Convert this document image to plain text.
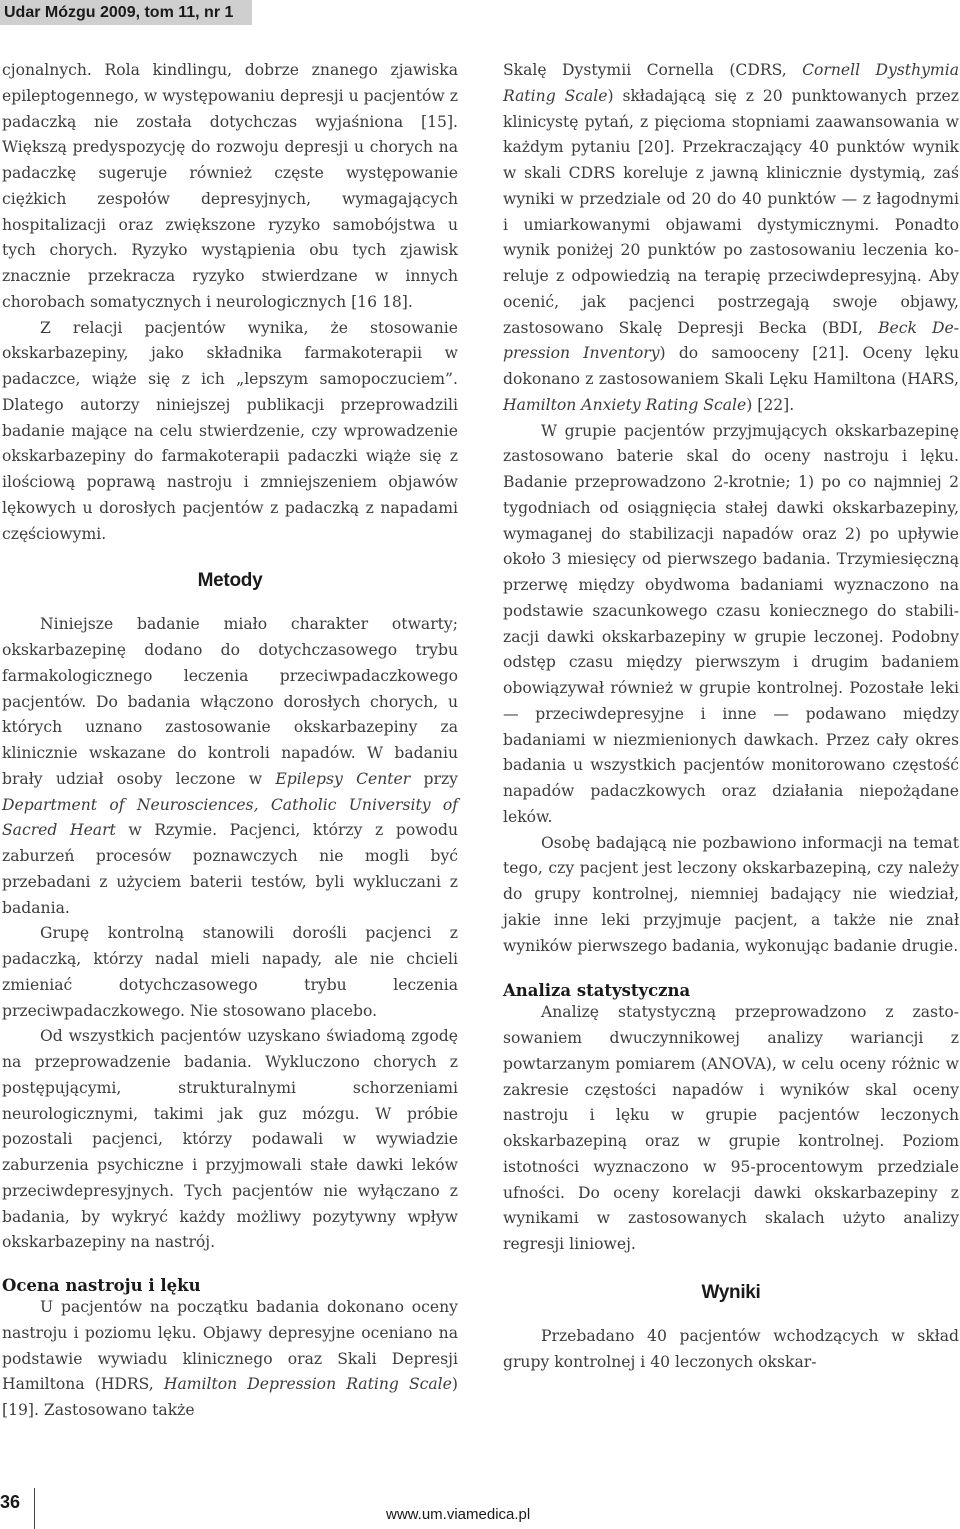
Udar Mózgu 2009, tom 11, nr 1

cjonalnych. Rola kindlingu, dobrze znanego zjawiska epileptogennego, w występowaniu depresji u pacjentów z padaczką nie została dotychczas wyjaśniona [15]. Większą predyspozycję do rozwoju depresji u chorych na padaczkę sugeruje również częste występowanie ciężkich zespołów depresyjnych, wymagających hospitalizacji oraz zwiększone ryzyko samobójstwa u tych chorych. Ryzyko wystąpienia obu tych zjawisk znacznie przekracza ryzyko stwierdzane w innych chorobach somatycznych i neurologicznych [16 18].

Z relacji pacjentów wynika, że stosowanie okskarbazepiny, jako składnika farmakoterapii w padaczce, wiąże się z ich „lepszym samopoczuciem”. Dlatego autorzy niniejszej publikacji przeprowadzili badanie mające na celu stwierdzenie, czy wprowadzenie okskarbazepiny do farmakoterapii padaczki wiąże się z ilościową poprawą nastroju i zmniejszeniem objawów lękowych u dorosłych pacjentów z padaczką z napadami częściowymi.

Metody

Niniejsze badanie miało charakter otwarty; okskarbazepinę dodano do dotychczasowego trybu farmakologicznego leczenia przeciwpadaczkowego pacjentów. Do badania włączono dorosłych chorych, u których uznano zastosowanie okskarbazepiny za klinicznie wskazane do kontroli napadów. W badaniu brały udział osoby leczone w Epilepsy Center przy Department of Neurosciences, Catholic University of Sacred Heart w Rzymie. Pacjenci, którzy z powodu zaburzeń procesów poznawczych nie mogli być przebadani z użyciem baterii testów, byli wykluczani z badania.

Grupę kontrolną stanowili dorośli pacjenci z padaczką, którzy nadal mieli napady, ale nie chcieli zmieniać dotychczasowego trybu leczenia przeciwpadaczkowego. Nie stosowano placebo.

Od wszystkich pacjentów uzyskano świadomą zgodę na przeprowadzenie badania. Wykluczono chorych z postępującymi, strukturalnymi schorzeniami neurologicznymi, takimi jak guz mózgu. W próbie pozostali pacjenci, którzy podawali w wywiadzie zaburzenia psychiczne i przyjmowali stałe dawki leków przeciwdepresyjnych. Tych pacjentów nie wyłączano z badania, by wykryć każdy możliwy pozytywny wpływ okskarbazepiny na nastrój.

Ocena nastroju i lęku

U pacjentów na początku badania dokonano oceny nastroju i poziomu lęku. Objawy depresyjne oceniano na podstawie wywiadu klinicznego oraz Skali Depresji Hamiltona (HDRS, Hamilton Depression Rating Scale) [19]. Zastosowano także

Skalę Dystymii Cornella (CDRS, Cornell Dysthymia Rating Scale) składającą się z 20 punktowanych przez klinicystę pytań, z pięcioma stopniami zaawansowania w każdym pytaniu [20]. Przekraczający 40 punktów wynik w skali CDRS koreluje z jawną klinicznie dystymią, zaś wyniki w przedziale od 20 do 40 punktów — z łagodnymi i umiarkowanymi objawami dystymicznymi. Ponadto wynik poniżej 20 punktów po zastosowaniu leczenia koreluje z odpowiedzią na terapię przeciwdepresyjną. Aby ocenić, jak pacjenci postrzegają swoje objawy, zastosowano Skalę Depresji Becka (BDI, Beck Depression Inventory) do samooceny [21]. Oceny lęku dokonano z zastosowaniem Skali Lęku Hamiltona (HARS, Hamilton Anxiety Rating Scale) [22].

W grupie pacjentów przyjmujących okskarbazepinę zastosowano baterie skal do oceny nastroju i lęku. Badanie przeprowadzono 2-krotnie; 1) po co najmniej 2 tygodniach od osiągnięcia stałej dawki okskarbazepiny, wymaganej do stabilizacji napadów oraz 2) po upływie około 3 miesięcy od pierwszego badania. Trzymiesięczną przerwę między obydwoma badaniami wyznaczono na podstawie szacunkowego czasu koniecznego do stabilizacji dawki okskarbazepiny w grupie leczonej. Podobny odstęp czasu między pierwszym i drugim badaniem obowiązywał również w grupie kontrolnej. Pozostałe leki — przeciwdepresyjne i inne — podawano między badaniami w niezmienionych dawkach. Przez cały okres badania u wszystkich pacjentów monitorowano częstość napadów padaczkowych oraz działania niepożądane leków.

Osobę badającą nie pozbawiono informacji na temat tego, czy pacjent jest leczony okskarbazepiną, czy należy do grupy kontrolnej, niemniej badający nie wiedział, jakie inne leki przyjmuje pacjent, a także nie znał wyników pierwszego badania, wykonując badanie drugie.

Analiza statystyczna

Analizę statystyczną przeprowadzono z zastosowaniem dwuczynnikowej analizy wariancji z powtarzanym pomiarem (ANOVA), w celu oceny różnic w zakresie częstości napadów i wyników skal oceny nastroju i lęku w grupie pacjentów leczonych okskarbazepiną oraz w grupie kontrolnej. Poziom istotności wyznaczono w 95-procentowym przedziale ufności. Do oceny korelacji dawki okskarbazepiny z wynikami w zastosowanych skalach użyto analizy regresji liniowej.

Wyniki

Przebadano 40 pacjentów wchodzących w skład grupy kontrolnej i 40 leczonych okskar-

36
www.um.viamedica.pl
